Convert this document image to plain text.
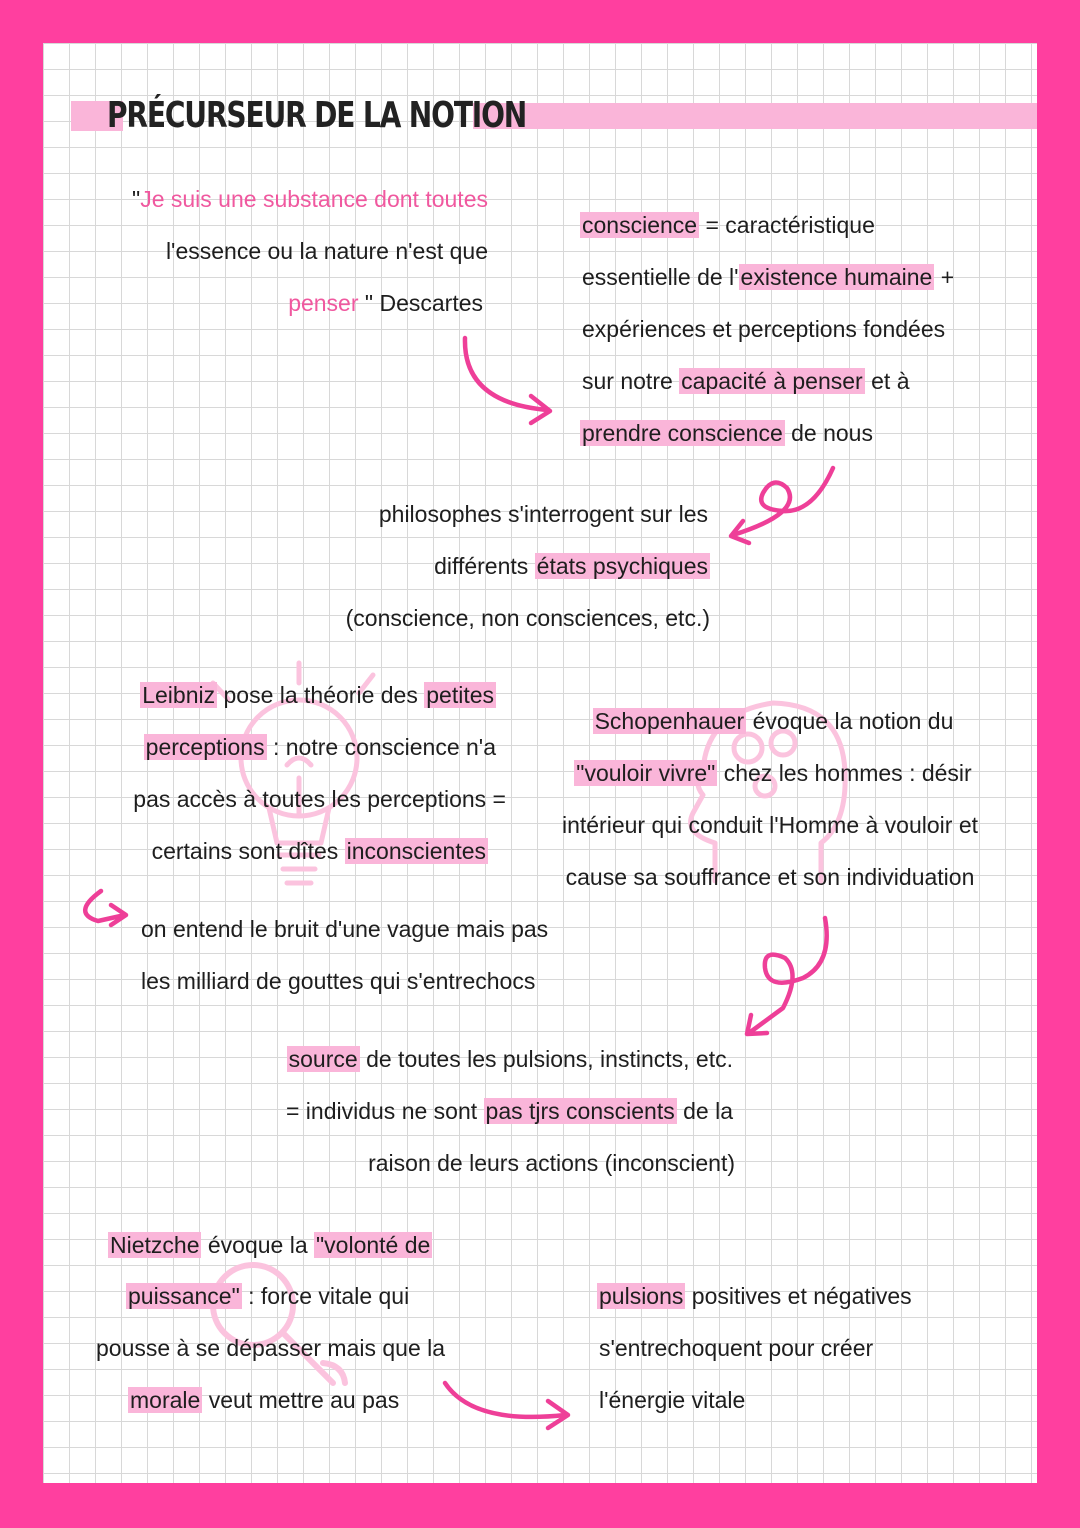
PRÉCURSEUR DE LA NOTION
"Je suis une substance dont toutes
l'essence ou la nature n'est que
penser " Descartes
conscience = caractéristique
essentielle de l'existence humaine +
expériences et perceptions fondées
sur notre capacité à penser et à
prendre conscience de nous
philosophes s'interrogent sur les
différents états psychiques
(conscience, non consciences, etc.)
Leibniz pose la théorie des petites
perceptions : notre conscience n'a
pas accès à toutes les perceptions =
certains sont dîtes inconscientes
Schopenhauer évoque la notion du
"vouloir vivre" chez les hommes : désir
intérieur qui conduit l'Homme à vouloir et
cause sa souffrance et son individuation
on entend le bruit d'une vague mais pas
les milliard de gouttes qui s'entrechocs
source de toutes les pulsions, instincts, etc.
= individus ne sont pas tjrs conscients de la
raison de leurs actions (inconscient)
Nietzche évoque la "volonté de
puissance" : force vitale qui
pousse à se dépasser mais que la
morale veut mettre au pas
pulsions positives et négatives
s'entrechoquent pour créer
l'énergie vitale
